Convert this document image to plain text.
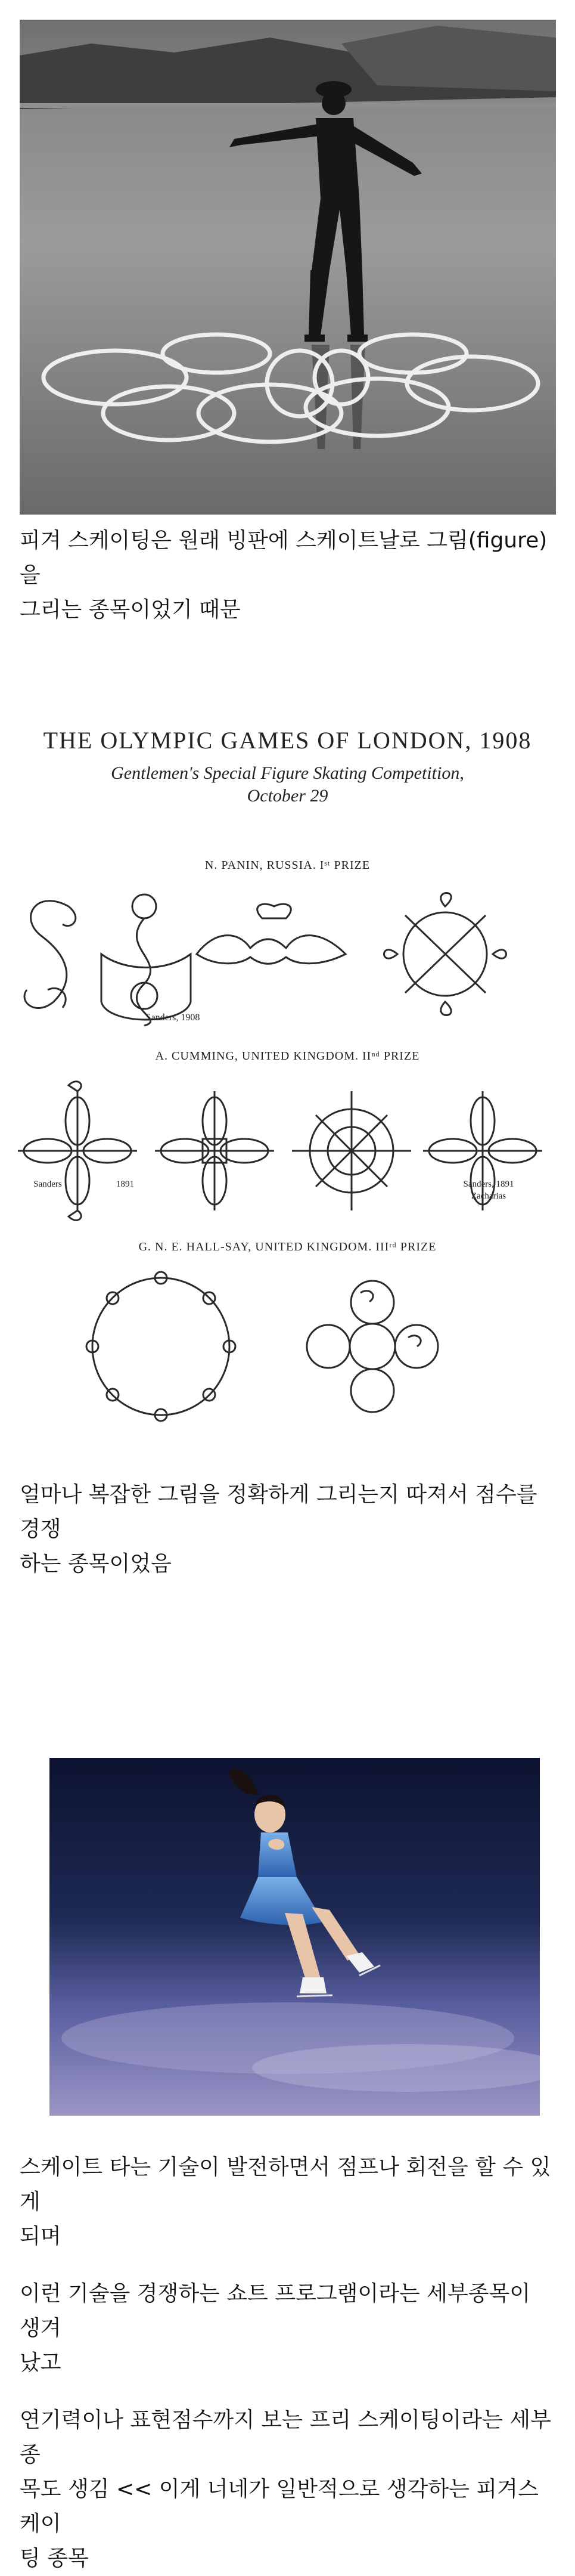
피겨 스케이팅은 원래 빙판에 스케이트날로 그림(figure)을
그리는 종목이었기 때문
THE OLYMPIC GAMES OF LONDON, 1908
Gentlemen's Special Figure Skating Competition,
October 29
N. PANIN, RUSSIA. Iˢᵗ PRIZE
Sanders, 1908
A. CUMMING, UNITED KINGDOM. IIⁿᵈ PRIZE
Sanders	1891	Sanders, 1891
Zacharias
G. N. E. HALL-SAY, UNITED KINGDOM. IIIʳᵈ PRIZE
얼마나 복잡한 그림을 정확하게 그리는지 따져서 점수를 경쟁
하는 종목이었음
스케이트 타는 기술이 발전하면서 점프나 회전을 할 수 있게
되며
이런 기술을 경쟁하는 쇼트 프로그램이라는 세부종목이 생겨
났고
연기력이나 표현점수까지 보는 프리 스케이팅이라는 세부종
목도 생김 << 이게 너네가 일반적으로 생각하는 피겨스케이
팅 종목
